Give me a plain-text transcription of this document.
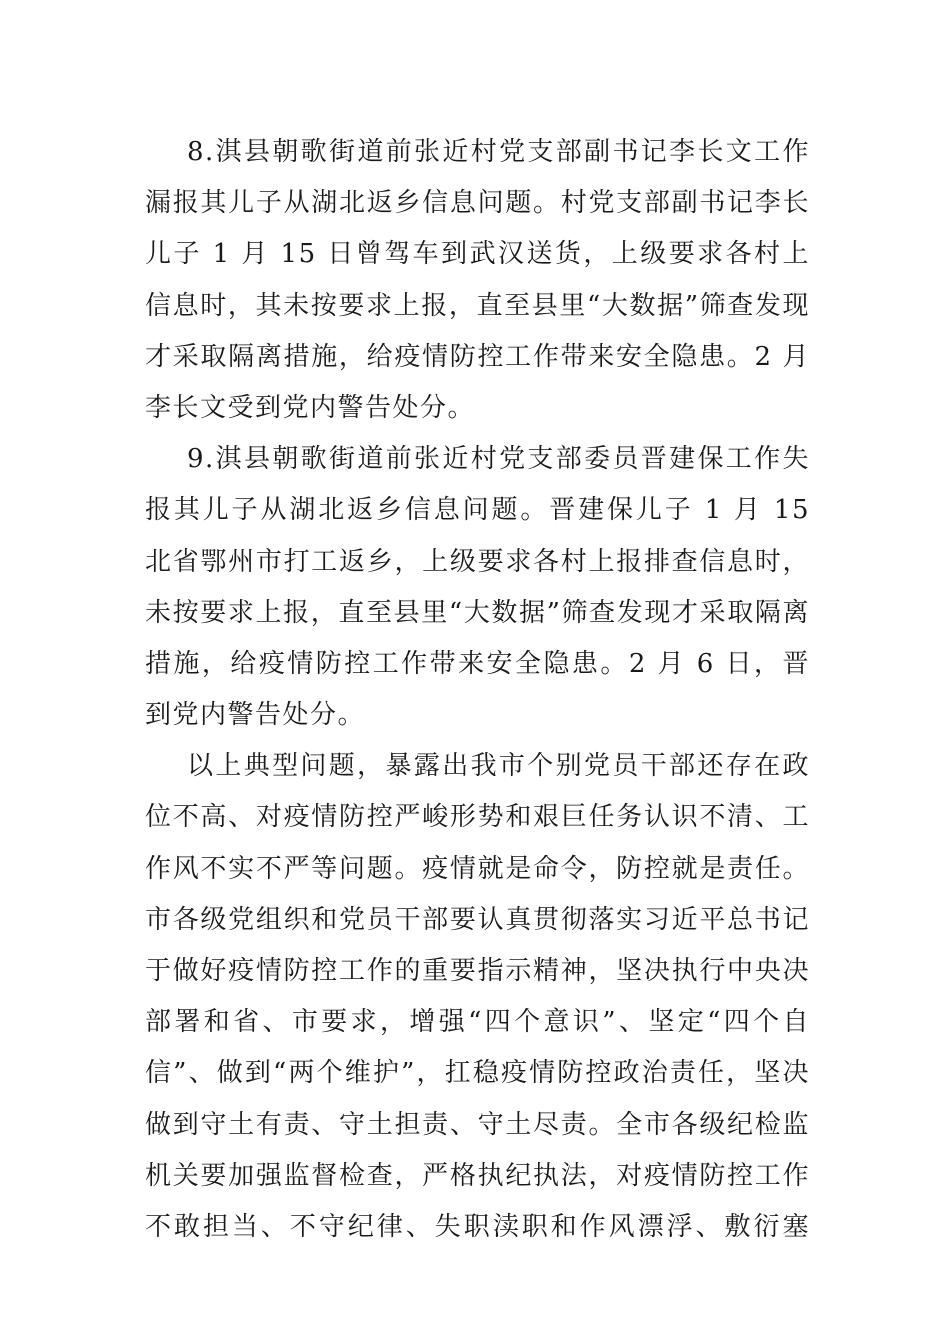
8.淇县朝歌街道前张近村党支部副书记李长文工作
漏报其儿子从湖北返乡信息问题。村党支部副书记李长
儿子 1 月 15 日曾驾车到武汉送货，上级要求各村上
信息时，其未按要求上报，直至县里“大数据”筛查发现
才采取隔离措施，给疫情防控工作带来安全隐患。2 月
李长文受到党内警告处分。
9.淇县朝歌街道前张近村党支部委员晋建保工作失
报其儿子从湖北返乡信息问题。晋建保儿子 1 月 15
北省鄂州市打工返乡，上级要求各村上报排查信息时，
未按要求上报，直至县里“大数据”筛查发现才采取隔离
措施，给疫情防控工作带来安全隐患。2 月 6 日，晋
到党内警告处分。
以上典型问题，暴露出我市个别党员干部还存在政
位不高、对疫情防控严峻形势和艰巨任务认识不清、工
作风不实不严等问题。疫情就是命令，防控就是责任。
市各级党组织和党员干部要认真贯彻落实习近平总书记
于做好疫情防控工作的重要指示精神，坚决执行中央决
部署和省、市要求，增强“四个意识”、坚定“四个自
信”、做到“两个维护”，扛稳疫情防控政治责任，坚决
做到守土有责、守土担责、守土尽责。全市各级纪检监
机关要加强监督检查，严格执纪执法，对疫情防控工作
不敢担当、不守纪律、失职渎职和作风漂浮、敷衍塞
